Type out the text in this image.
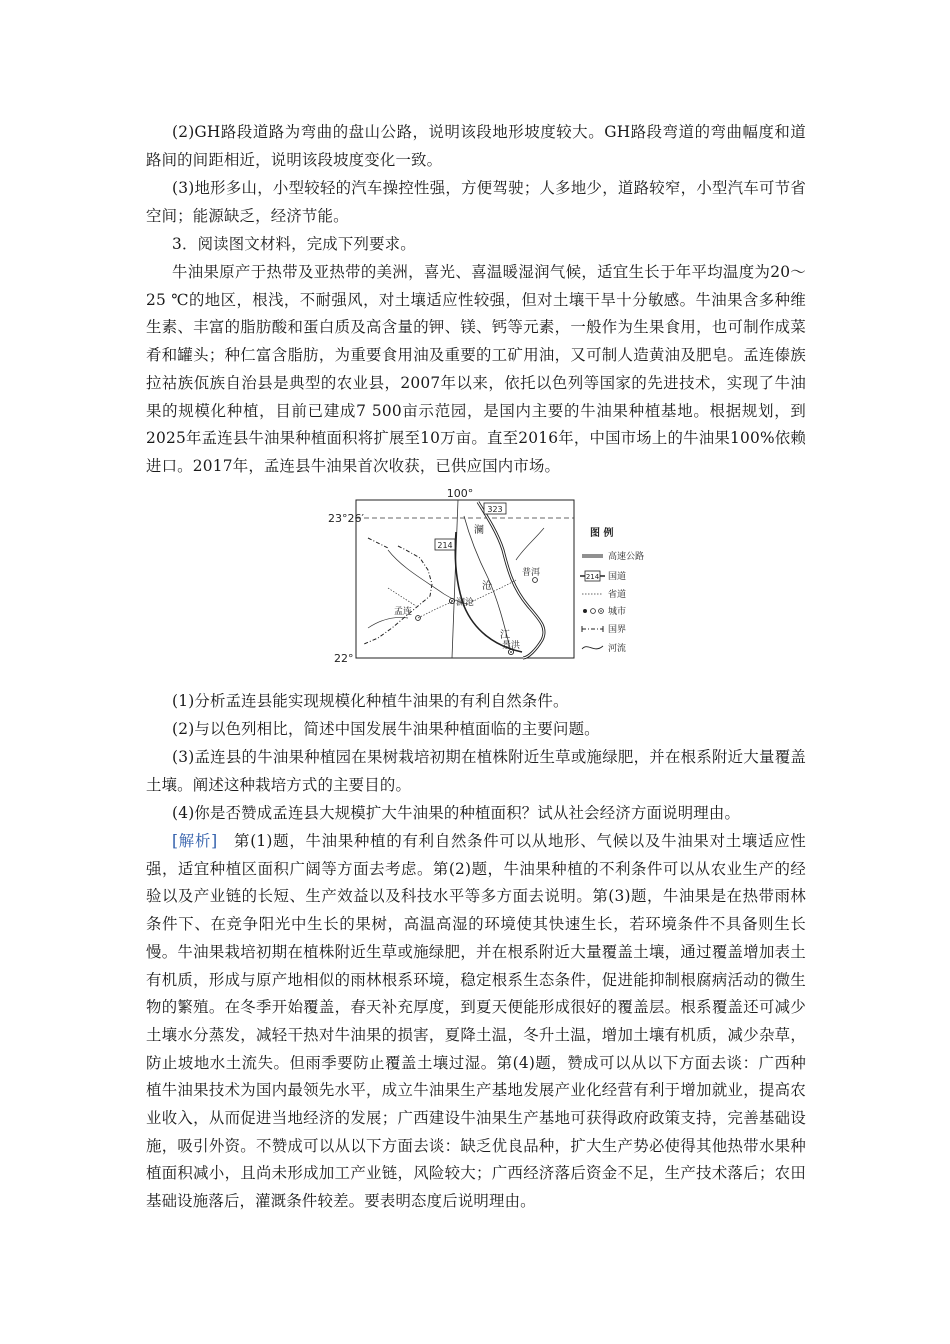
(2)GH路段道路为弯曲的盘山公路，说明该段地形坡度较大。GH路段弯道的弯曲幅度和道路间的间距相近，说明该段坡度变化一致。

(3)地形多山，小型较轻的汽车操控性强，方便驾驶；人多地少，道路较窄，小型汽车可节省空间；能源缺乏，经济节能。

3．阅读图文材料，完成下列要求。

牛油果原产于热带及亚热带的美洲，喜光、喜温暖湿润气候，适宜生长于年平均温度为20～25 ℃的地区，根浅，不耐强风，对土壤适应性较强，但对土壤干旱十分敏感。牛油果含多种维生素、丰富的脂肪酸和蛋白质及高含量的钾、镁、钙等元素，一般作为生果食用，也可制作成菜肴和罐头；种仁富含脂肪，为重要食用油及重要的工矿用油，又可制人造黄油及肥皂。孟连傣族拉祜族佤族自治县是典型的农业县，2007年以来，依托以色列等国家的先进技术，实现了牛油果的规模化种植，目前已建成7 500亩示范园，是国内主要的牛油果种植基地。根据规划，到2025年孟连县牛油果种植面积将扩展至10万亩。直至2016年，中国市场上的牛油果100%依赖进口。2017年，孟连县牛油果首次收获，已供应国内市场。

323
214
100°
23°26′
22°
澜
沧
江
澜沧
孟连
普洱
景洪
图 例
高速公路
214 国道
省道
城市
国界
河流

(1)分析孟连县能实现规模化种植牛油果的有利自然条件。

(2)与以色列相比，简述中国发展牛油果种植面临的主要问题。

(3)孟连县的牛油果种植园在果树栽培初期在植株附近生草或施绿肥，并在根系附近大量覆盖土壤。阐述这种栽培方式的主要目的。

(4)你是否赞成孟连县大规模扩大牛油果的种植面积？试从社会经济方面说明理由。

[解析]　第(1)题，牛油果种植的有利自然条件可以从地形、气候以及牛油果对土壤适应性强，适宜种植区面积广阔等方面去考虑。第(2)题，牛油果种植的不利条件可以从农业生产的经验以及产业链的长短、生产效益以及科技水平等多方面去说明。第(3)题，牛油果是在热带雨林条件下、在竞争阳光中生长的果树，高温高湿的环境使其快速生长，若环境条件不具备则生长慢。牛油果栽培初期在植株附近生草或施绿肥，并在根系附近大量覆盖土壤，通过覆盖增加表土有机质，形成与原产地相似的雨林根系环境，稳定根系生态条件，促进能抑制根腐病活动的微生物的繁殖。在冬季开始覆盖，春天补充厚度，到夏天便能形成很好的覆盖层。根系覆盖还可减少土壤水分蒸发，减轻干热对牛油果的损害，夏降土温，冬升土温，增加土壤有机质，减少杂草，防止坡地水土流失。但雨季要防止覆盖土壤过湿。第(4)题，赞成可以从以下方面去谈：广西种植牛油果技术为国内最领先水平，成立牛油果生产基地发展产业化经营有利于增加就业，提高农业收入，从而促进当地经济的发展；广西建设牛油果生产基地可获得政府政策支持，完善基础设施，吸引外资。不赞成可以从以下方面去谈：缺乏优良品种，扩大生产势必使得其他热带水果种植面积减小，且尚未形成加工产业链，风险较大；广西经济落后资金不足，生产技术落后；农田基础设施落后，灌溉条件较差。要表明态度后说明理由。
